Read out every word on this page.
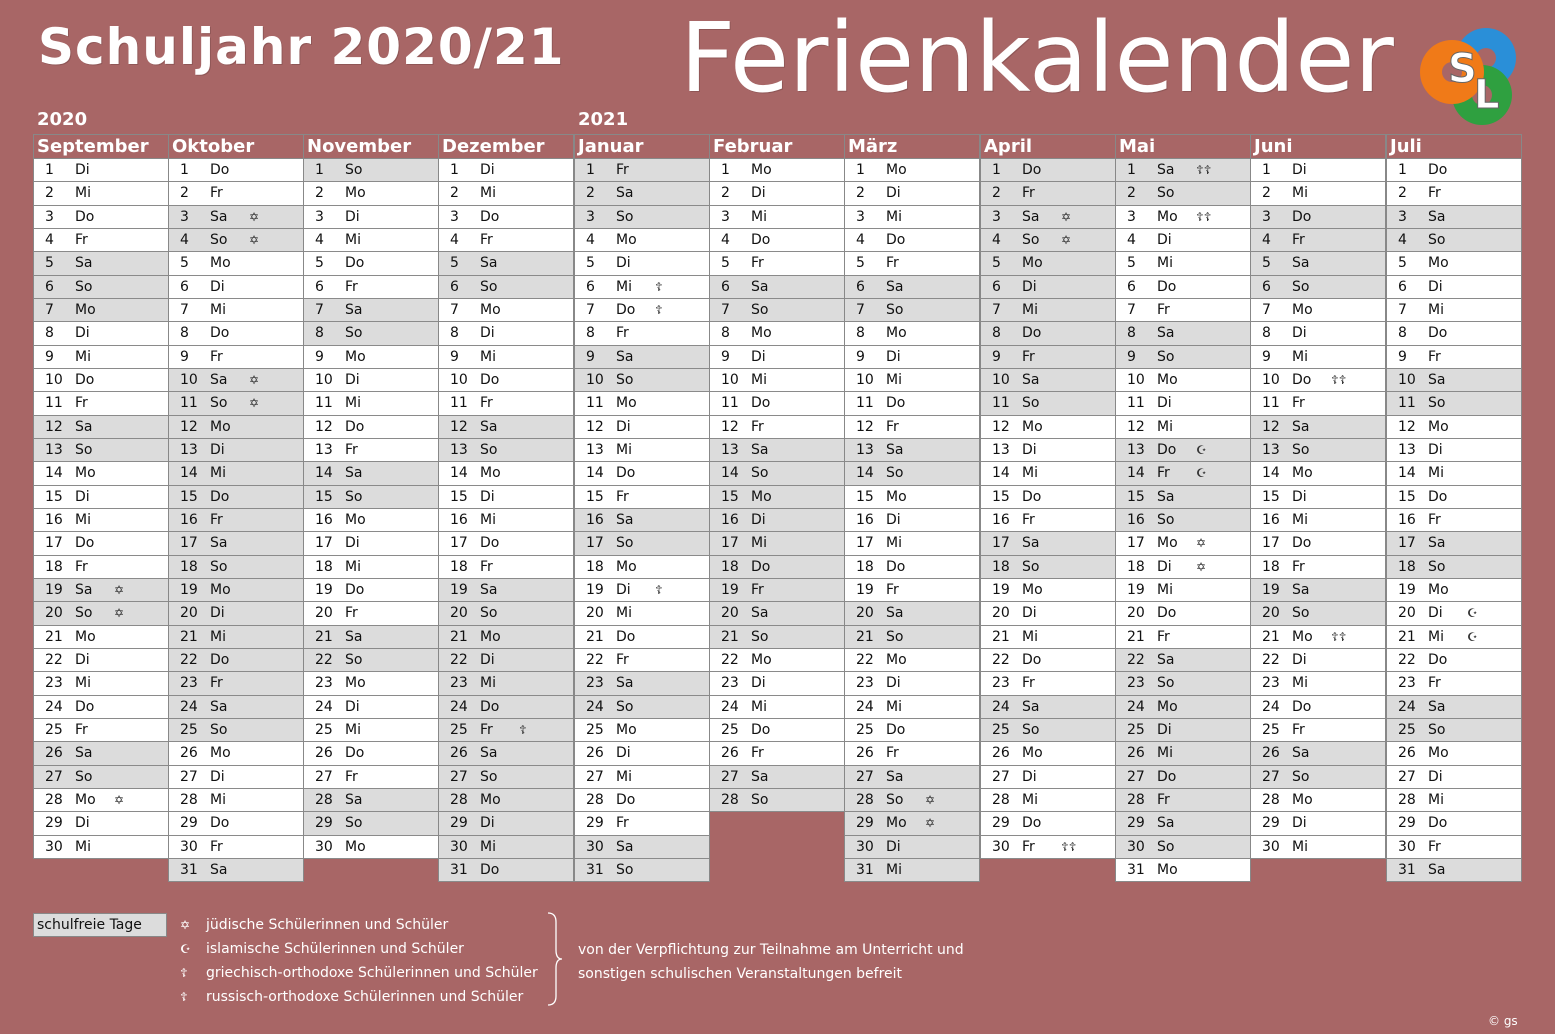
Schuljahr 2020/21 Ferienkalender
2020	2021
S
L
September
1 Di
2 Mi
3 Do
4 Fr
5 Sa
6 So
7 Mo
8 Di
9 Mi
10 Do
11 Fr
12 Sa
13 So
14 Mo
15 Di
16 Mi
17 Do
18 Fr
19 Sa ✡
20 So ✡
21 Mo
22 Di
23 Mi
24 Do
25 Fr
26 Sa
27 So
28 Mo ✡
29 Di
30 Mi
Oktober
1 Do
2 Fr
3 Sa ✡
4 So ✡
5 Mo
6 Di
7 Mi
8 Do
9 Fr
10 Sa ✡
11 So ✡
12 Mo
13 Di
14 Mi
15 Do
16 Fr
17 Sa
18 So
19 Mo
20 Di
21 Mi
22 Do
23 Fr
24 Sa
25 So
26 Mo
27 Di
28 Mi
29 Do
30 Fr
31 Sa
November
1 So
2 Mo
3 Di
4 Mi
5 Do
6 Fr
7 Sa
8 So
9 Mo
10 Di
11 Mi
12 Do
13 Fr
14 Sa
15 So
16 Mo
17 Di
18 Mi
19 Do
20 Fr
21 Sa
22 So
23 Mo
24 Di
25 Mi
26 Do
27 Fr
28 Sa
29 So
30 Mo
Dezember
1 Di
2 Mi
3 Do
4 Fr
5 Sa
6 So
7 Mo
8 Di
9 Mi
10 Do
11 Fr
12 Sa
13 So
14 Mo
15 Di
16 Mi
17 Do
18 Fr
19 Sa
20 So
21 Mo
22 Di
23 Mi
24 Do
25 Fr ☦
26 Sa
27 So
28 Mo
29 Di
30 Mi
31 Do
Januar
1 Fr
2 Sa
3 So
4 Mo
5 Di
6 Mi ☦
7 Do ☦
8 Fr
9 Sa
10 So
11 Mo
12 Di
13 Mi
14 Do
15 Fr
16 Sa
17 So
18 Mo
19 Di ☦
20 Mi
21 Do
22 Fr
23 Sa
24 So
25 Mo
26 Di
27 Mi
28 Do
29 Fr
30 Sa
31 So
Februar
1 Mo
2 Di
3 Mi
4 Do
5 Fr
6 Sa
7 So
8 Mo
9 Di
10 Mi
11 Do
12 Fr
13 Sa
14 So
15 Mo
16 Di
17 Mi
18 Do
19 Fr
20 Sa
21 So
22 Mo
23 Di
24 Mi
25 Do
26 Fr
27 Sa
28 So
März
1 Mo
2 Di
3 Mi
4 Do
5 Fr
6 Sa
7 So
8 Mo
9 Di
10 Mi
11 Do
12 Fr
13 Sa
14 So
15 Mo
16 Di
17 Mi
18 Do
19 Fr
20 Sa
21 So
22 Mo
23 Di
24 Mi
25 Do
26 Fr
27 Sa
28 So ✡
29 Mo ✡
30 Di
31 Mi
April
1 Do
2 Fr
3 Sa ✡
4 So ✡
5 Mo
6 Di
7 Mi
8 Do
9 Fr
10 Sa
11 So
12 Mo
13 Di
14 Mi
15 Do
16 Fr
17 Sa
18 So
19 Mo
20 Di
21 Mi
22 Do
23 Fr
24 Sa
25 So
26 Mo
27 Di
28 Mi
29 Do
30 Fr ☦☦
Mai
1 Sa ☦☦
2 So
3 Mo ☦☦
4 Di
5 Mi
6 Do
7 Fr
8 Sa
9 So
10 Mo
11 Di
12 Mi
13 Do ☪
14 Fr ☪
15 Sa
16 So
17 Mo ✡
18 Di ✡
19 Mi
20 Do
21 Fr
22 Sa
23 So
24 Mo
25 Di
26 Mi
27 Do
28 Fr
29 Sa
30 So
31 Mo
Juni
1 Di
2 Mi
3 Do
4 Fr
5 Sa
6 So
7 Mo
8 Di
9 Mi
10 Do ☦☦
11 Fr
12 Sa
13 So
14 Mo
15 Di
16 Mi
17 Do
18 Fr
19 Sa
20 So
21 Mo ☦☦
22 Di
23 Mi
24 Do
25 Fr
26 Sa
27 So
28 Mo
29 Di
30 Mi
Juli
1 Do
2 Fr
3 Sa
4 So
5 Mo
6 Di
7 Mi
8 Do
9 Fr
10 Sa
11 So
12 Mo
13 Di
14 Mi
15 Do
16 Fr
17 Sa
18 So
19 Mo
20 Di ☪
21 Mi ☪
22 Do
23 Fr
24 Sa
25 So
26 Mo
27 Di
28 Mi
29 Do
30 Fr
31 Sa
schulfreie Tage	✡ jüdische Schülerinnen und Schüler
☪ islamische Schülerinnen und Schüler
☦ griechisch-orthodoxe Schülerinnen und Schüler
☦ russisch-orthodoxe Schülerinnen und Schüler
von der Verpflichtung zur Teilnahme am Unterricht und
sonstigen schulischen Veranstaltungen befreit
© gs
